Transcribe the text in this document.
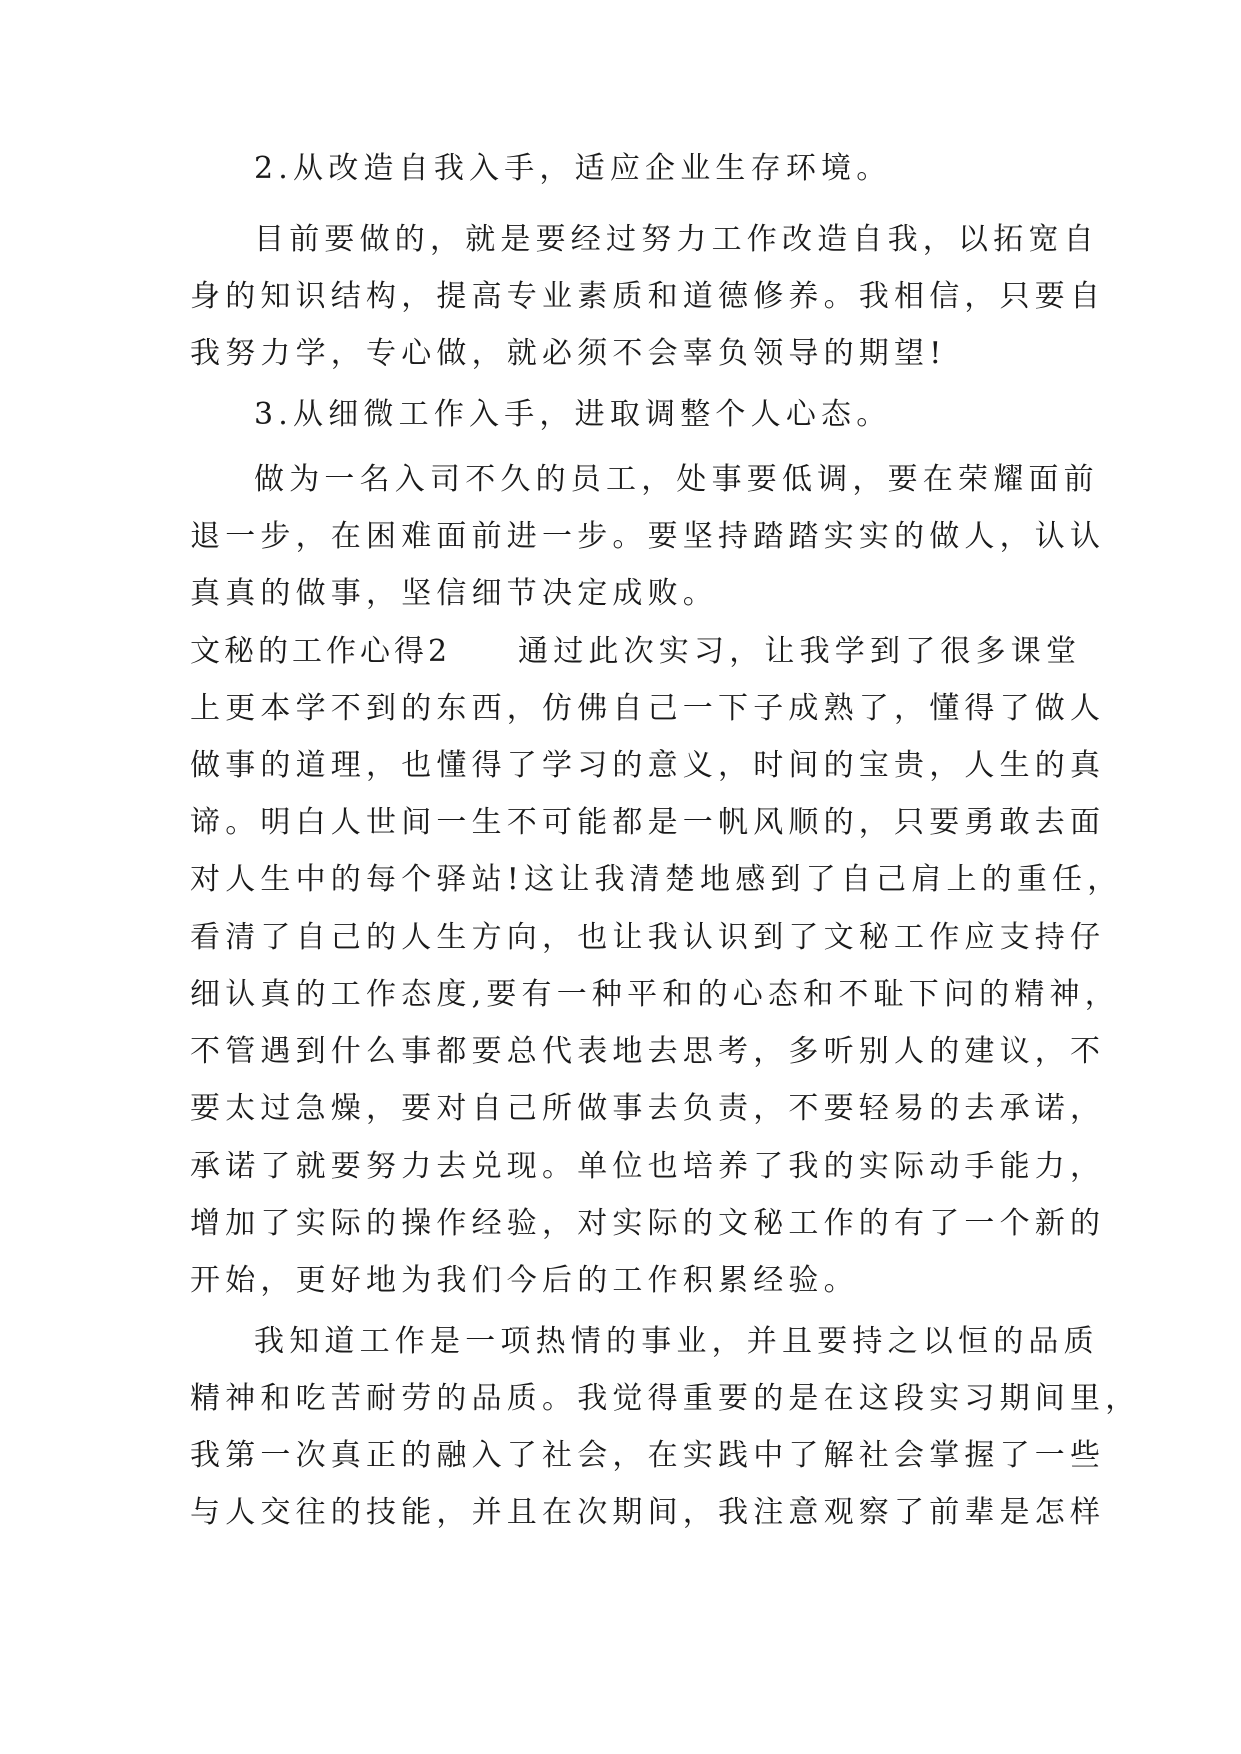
2.从改造自我入手，适应企业生存环境。
目前要做的，就是要经过努力工作改造自我，以拓宽自
身的知识结构，提高专业素质和道德修养。我相信，只要自
我努力学，专心做，就必须不会辜负领导的期望!
3.从细微工作入手，进取调整个人心态。
做为一名入司不久的员工，处事要低调，要在荣耀面前
退一步，在困难面前进一步。要坚持踏踏实实的做人，认认
真真的做事，坚信细节决定成败。
文秘的工作心得2	通过此次实习，让我学到了很多课堂
上更本学不到的东西，仿佛自己一下子成熟了，懂得了做人
做事的道理，也懂得了学习的意义，时间的宝贵，人生的真
谛。明白人世间一生不可能都是一帆风顺的，只要勇敢去面
对人生中的每个驿站!这让我清楚地感到了自己肩上的重任，
看清了自己的人生方向，也让我认识到了文秘工作应支持仔
细认真的工作态度,要有一种平和的心态和不耻下问的精神，
不管遇到什么事都要总代表地去思考，多听别人的建议，不
要太过急燥，要对自己所做事去负责，不要轻易的去承诺，
承诺了就要努力去兑现。单位也培养了我的实际动手能力，
增加了实际的操作经验，对实际的文秘工作的有了一个新的
开始，更好地为我们今后的工作积累经验。
我知道工作是一项热情的事业，并且要持之以恒的品质
精神和吃苦耐劳的品质。我觉得重要的是在这段实习期间里，
我第一次真正的融入了社会，在实践中了解社会掌握了一些
与人交往的技能，并且在次期间，我注意观察了前辈是怎样
